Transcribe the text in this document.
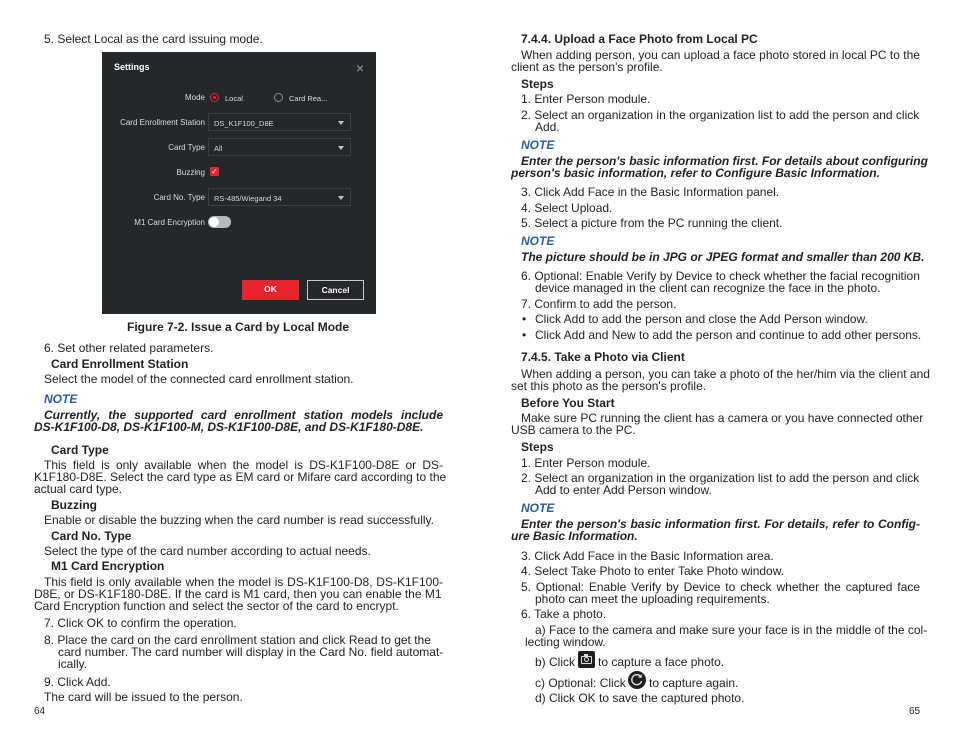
5. Select Local as the card issuing mode.
Settings	×
Mode	Local	Card Rea...
Card Enrollment Station DS_K1F100_D8E
Card Type All
Buzzing ✓
Card No. Type RS-485/Wiegand 34
M1 Card Encryption
OK	Cancel
Figure 7-2. Issue a Card by Local Mode
6. Set other related parameters.
Card Enrollment Station
Select the model of the connected card enrollment station.
NOTE
Currently, the supported card enrollment station models include
DS-K1F100-D8, DS-K1F100-M, DS-K1F100-D8E, and DS-K1F180-D8E.
Card Type
This field is only available when the model is DS-K1F100-D8E or DS-
K1F180-D8E. Select the card type as EM card or Mifare card according to the
actual card type.
Buzzing
Enable or disable the buzzing when the card number is read successfully.
Card No. Type
Select the type of the card number according to actual needs.
M1 Card Encryption
This field is only available when the model is DS-K1F100-D8, DS-K1F100-
D8E, or DS-K1F180-D8E. If the card is M1 card, then you can enable the M1
Card Encryption function and select the sector of the card to encrypt.
7. Click OK to confirm the operation.
8. Place the card on the card enrollment station and click Read to get the
card number. The card number will display in the Card No. field automat-
ically.
9. Click Add.
The card will be issued to the person.
64
7.4.4. Upload a Face Photo from Local PC
When adding person, you can upload a face photo stored in local PC to the
client as the person's profile.
Steps
1. Enter Person module.
2. Select an organization in the organization list to add the person and click
Add.
NOTE
Enter the person's basic information first. For details about configuring
person's basic information, refer to Configure Basic Information.
3. Click Add Face in the Basic Information panel.
4. Select Upload.
5. Select a picture from the PC running the client.
NOTE
The picture should be in JPG or JPEG format and smaller than 200 KB.
6. Optional: Enable Verify by Device to check whether the facial recognition
device managed in the client can recognize the face in the photo.
7. Confirm to add the person.
• Click Add to add the person and close the Add Person window.
• Click Add and New to add the person and continue to add other persons.
7.4.5. Take a Photo via Client
When adding a person, you can take a photo of the her/him via the client and
set this photo as the person's profile.
Before You Start
Make sure PC running the client has a camera or you have connected other
USB camera to the PC.
Steps
1. Enter Person module.
2. Select an organization in the organization list to add the person and click
Add to enter Add Person window.
NOTE
Enter the person's basic information first. For details, refer to Config-
ure Basic Information.
3. Click Add Face in the Basic Information area.
4. Select Take Photo to enter Take Photo window.
5. Optional: Enable Verify by Device to check whether the captured face
photo can meet the uploading requirements.
6. Take a photo.
a) Face to the camera and make sure your face is in the middle of the col-
lecting window.
b) Click to capture a face photo.
c) Optional: Click to capture again.
d) Click OK to save the captured photo.
65
